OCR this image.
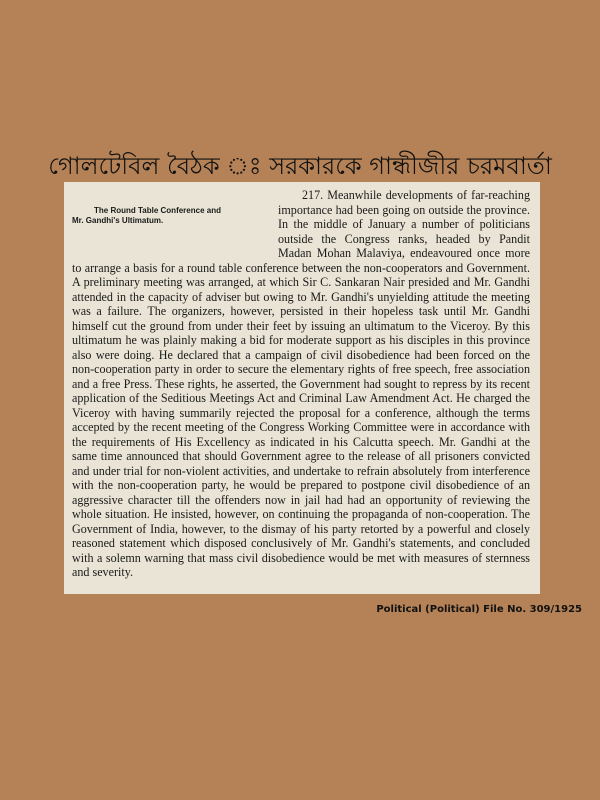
গোলটেবিল বৈঠক ঃ সরকারকে গান্ধীজীর চরমবার্তা

The Round Table Conference and
Mr. Gandhi's Ultimatum.
217. Meanwhile developments of far-reaching importance had been going on outside the province. In the middle of January a number of politicians outside the Congress ranks, headed by Pandit Madan Mohan Malaviya, endeavoured once more to arrange a basis for a round table conference between the non-cooperators and Government. A preliminary meeting was arranged, at which Sir C. Sankaran Nair presided and Mr. Gandhi attended in the capacity of adviser but owing to Mr. Gandhi's unyielding attitude the meeting was a failure. The organizers, however, persisted in their hopeless task until Mr. Gandhi himself cut the ground from under their feet by issuing an ultimatum to the Viceroy. By this ultimatum he was plainly making a bid for moderate support as his disciples in this province also were doing. He declared that a campaign of civil disobedience had been forced on the non-cooperation party in order to secure the elementary rights of free speech, free association and a free Press. These rights, he asserted, the Government had sought to repress by its recent application of the Seditious Meetings Act and Criminal Law Amendment Act. He charged the Viceroy with having summarily rejected the proposal for a conference, although the terms accepted by the recent meeting of the Congress Working Committee were in accordance with the requirements of His Excellency as indicated in his Calcutta speech. Mr. Gandhi at the same time announced that should Government agree to the release of all prisoners convicted and under trial for non-violent activities, and undertake to refrain absolutely from interference with the non-cooperation party, he would be prepared to postpone civil disobedience of an aggressive character till the offenders now in jail had had an opportunity of reviewing the whole situation. He insisted, however, on continuing the propaganda of non-cooperation. The Government of India, however, to the dismay of his party retorted by a powerful and closely reasoned statement which disposed conclusively of Mr. Gandhi's statements, and concluded with a solemn warning that mass civil disobedience would be met with measures of sternness and severity.

Political (Political) File No. 309/1925
